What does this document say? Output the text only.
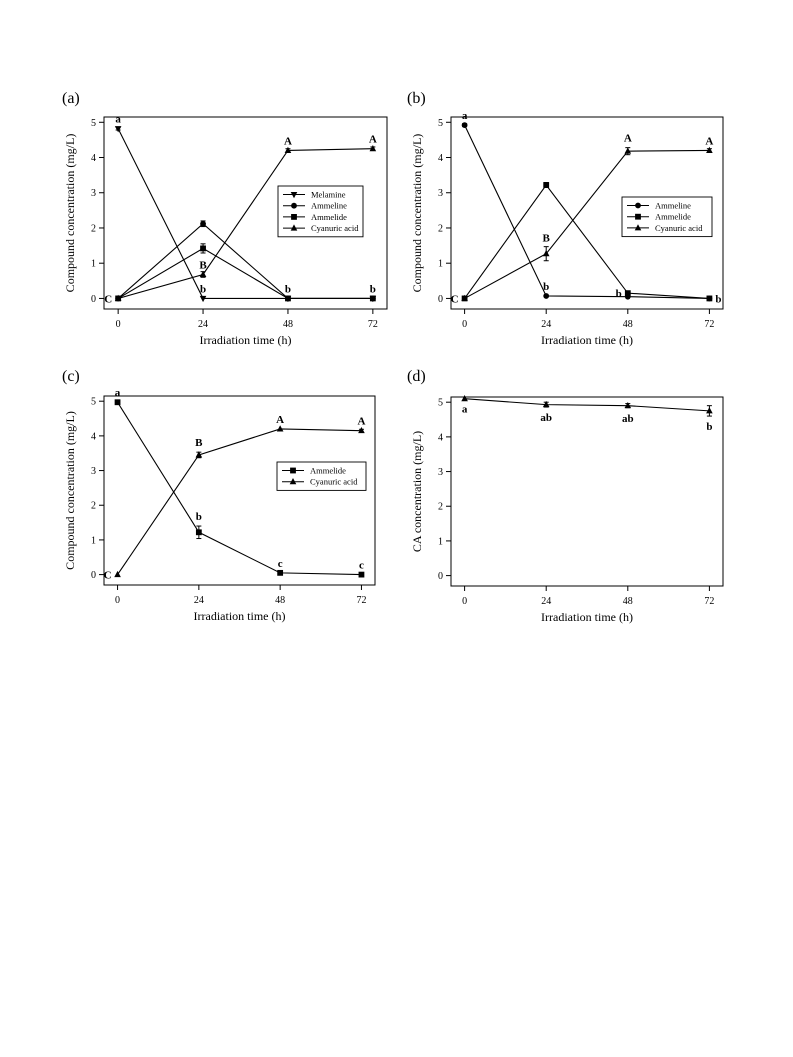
(a)
0
1
2
3
4
5
0	24	48	72
Irradiation time (h)
Compound concentration (mg/L)
a
b	b	b
C
B
A	A
Melamine
Ammeline
Ammelide
Cyanuric acid
(b)
0
1
2
3
4
5
0	24	48	72
Irradiation time (h)
Compound concentration (mg/L)
a
b
b	b
C
B
A	A
Ammeline
Ammelide
Cyanuric acid
(c)
0
1
2
3
4
5
0	24	48	72
Irradiation time (h)
Compound concentration (mg/L)
a
b
c	c
C
B
A	A
Ammelide
Cyanuric acid
(d)
0
1
2
3
4
5
0	24	48	72
Irradiation time (h)
CA concentration (mg/L)
a
ab	ab
b
